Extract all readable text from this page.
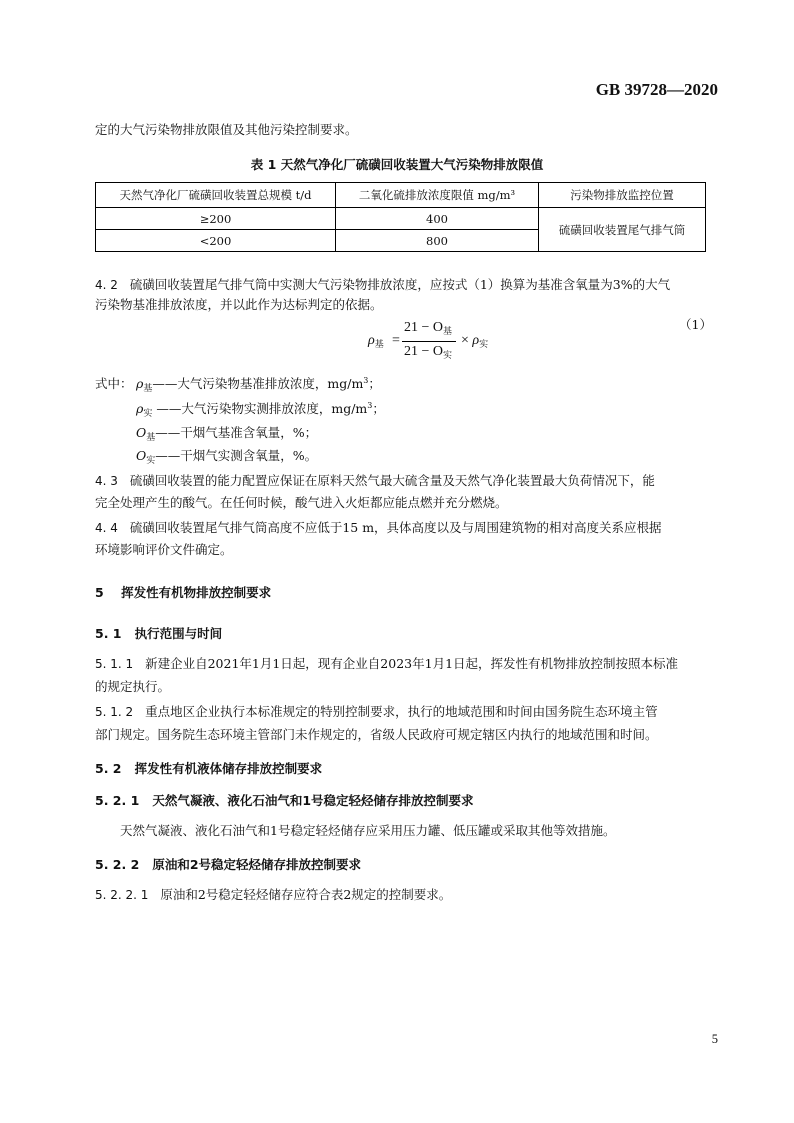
GB 39728—2020
定的大气污染物排放限值及其他污染控制要求。
表 1 天然气净化厂硫磺回收装置大气污染物排放限值
天然气净化厂硫磺回收装置总规模 t/d	二氧化硫排放浓度限值 mg/m³	污染物排放监控位置
≥200	400	硫磺回收装置尾气排气筒
<200	800	
4. 2 硫磺回收装置尾气排气筒中实测大气污染物排放浓度，应按式（1）换算为基准含氧量为3%的大气
污染物基准排放浓度，并以此作为达标判定的依据。
$\rho_基$ =
$21 - O_基$
$21 - O_实$
× $\rho_实$
（1）
式中： $\rho_基——$大气污染物基准排放浓度，$mg/m^3$；
$\rho_实$ ——大气污染物实测排放浓度，$mg/m^3$；
$O_基——$干烟气基准含氧量，%；
$O_实——$干烟气实测含氧量，%。
4. 3 硫磺回收装置的能力配置应保证在原料天然气最大硫含量及天然气净化装置最大负荷情况下，能
完全处理产生的酸气。在任何时候，酸气进入火炬都应能点燃并充分燃烧。
4. 4 硫磺回收装置尾气排气筒高度不应低于15 m，具体高度以及与周围建筑物的相对高度关系应根据
环境影响评价文件确定。
5 挥发性有机物排放控制要求
5. 1 执行范围与时间
5. 1. 1 新建企业自2021年1月1日起，现有企业自2023年1月1日起，挥发性有机物排放控制按照本标准
的规定执行。
5. 1. 2 重点地区企业执行本标准规定的特别控制要求，执行的地域范围和时间由国务院生态环境主管
部门规定。国务院生态环境主管部门未作规定的，省级人民政府可规定辖区内执行的地域范围和时间。
5. 2 挥发性有机液体储存排放控制要求
5. 2. 1 天然气凝液、液化石油气和1号稳定轻烃储存排放控制要求
天然气凝液、液化石油气和1号稳定轻烃储存应采用压力罐、低压罐或采取其他等效措施。
5. 2. 2 原油和2号稳定轻烃储存排放控制要求
5. 2. 2. 1 原油和2号稳定轻烃储存应符合表2规定的控制要求。
5
